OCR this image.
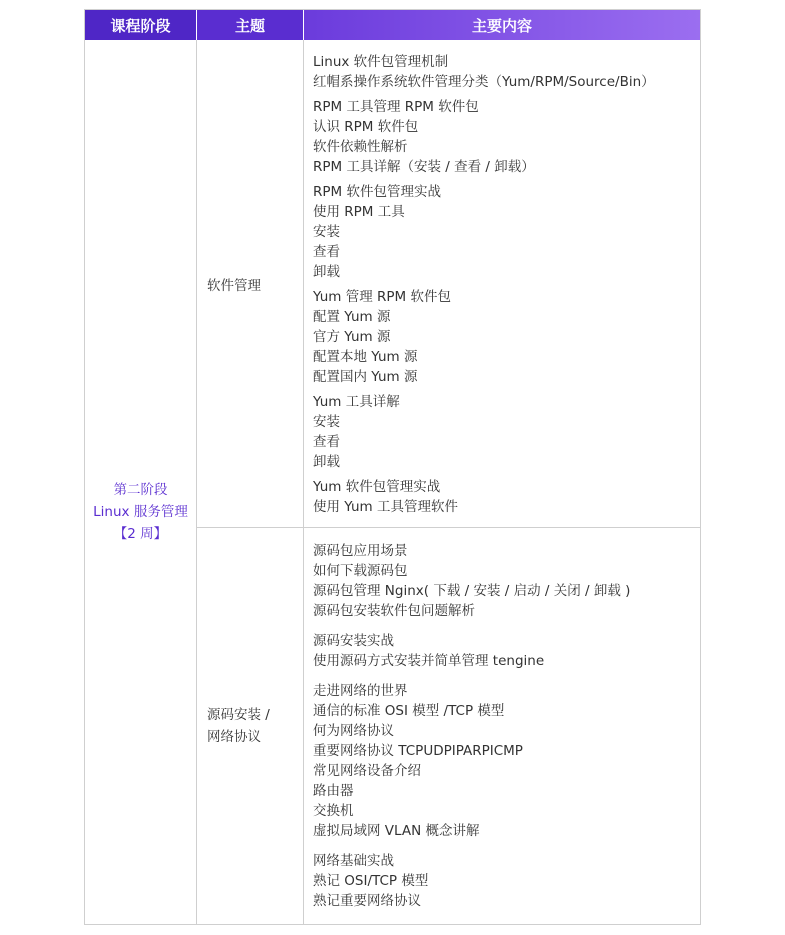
课程阶段	主题	主要内容
第二阶段
Linux 服务管理
【2 周】
软件管理
源码安装 /
网络协议
Linux 软件包管理机制
红帽系操作系统软件管理分类（Yum/RPM/Source/Bin）
RPM 工具管理 RPM 软件包
认识 RPM 软件包
软件依赖性解析
RPM 工具详解（安装 / 查看 / 卸载）
RPM 软件包管理实战
使用 RPM 工具
安装
查看
卸载
Yum 管理 RPM 软件包
配置 Yum 源
官方 Yum 源
配置本地 Yum 源
配置国内 Yum 源
Yum 工具详解
安装
查看
卸载
Yum 软件包管理实战
使用 Yum 工具管理软件
源码包应用场景
如何下载源码包
源码包管理 Nginx( 下载 / 安装 / 启动 / 关闭 / 卸载 )
源码包安装软件包问题解析
源码安装实战
使用源码方式安装并简单管理 tengine
走进网络的世界
通信的标准 OSI 模型 /TCP 模型
何为网络协议
重要网络协议 TCPUDPIPARPICMP
常见网络设备介绍
路由器
交换机
虚拟局域网 VLAN 概念讲解
网络基础实战
熟记 OSI/TCP 模型
熟记重要网络协议
